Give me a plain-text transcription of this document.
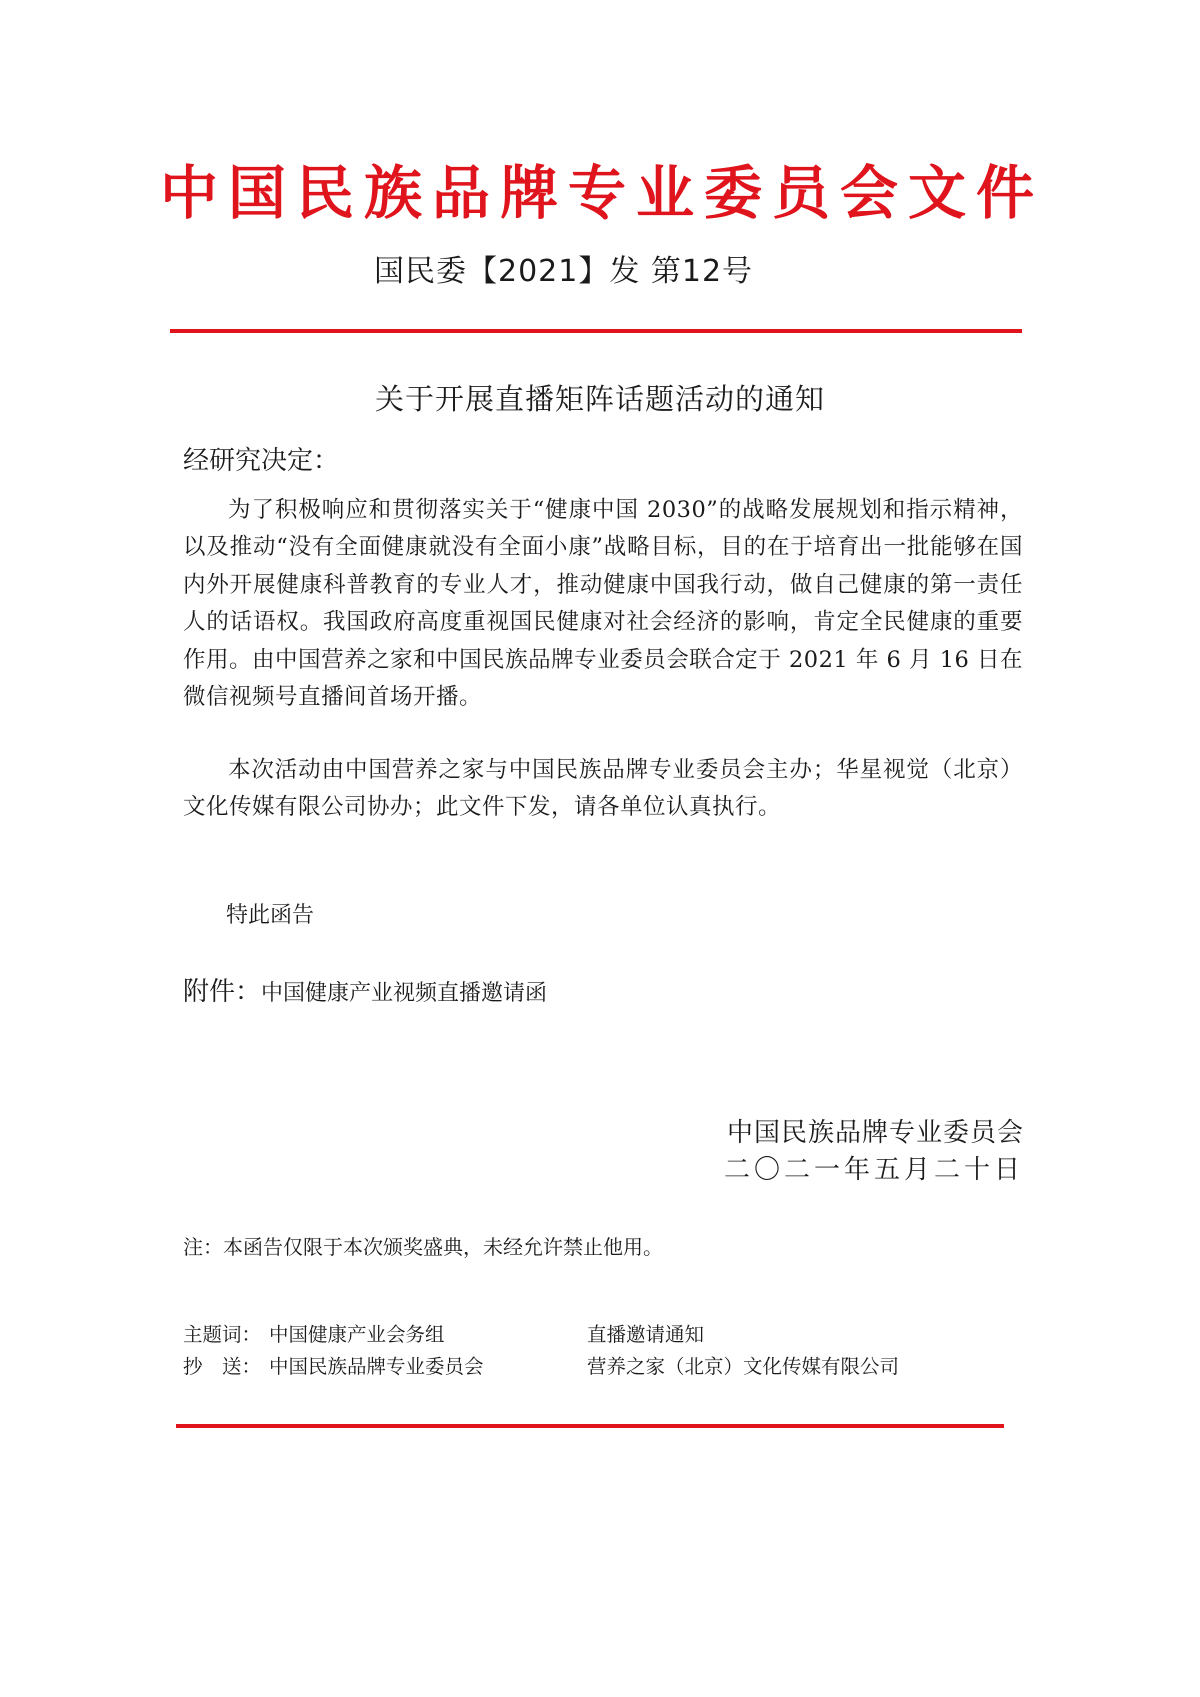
中国民族品牌专业委员会文件
国民委【2021】发 第12号
关于开展直播矩阵话题活动的通知
经研究决定：
为了积极响应和贯彻落实关于“健康中国 2030”的战略发展规划和指示精神，以及推动“没有全面健康就没有全面小康”战略目标，目的在于培育出一批能够在国内外开展健康科普教育的专业人才，推动健康中国我行动，做自己健康的第一责任人的话语权。我国政府高度重视国民健康对社会经济的影响，肯定全民健康的重要作用。由中国营养之家和中国民族品牌专业委员会联合定于 2021 年 6 月 16 日在微信视频号直播间首场开播。
本次活动由中国营养之家与中国民族品牌专业委员会主办；华星视觉（北京）文化传媒有限公司协办；此文件下发，请各单位认真执行。
特此函告
附件：中国健康产业视频直播邀请函
中国民族品牌专业委员会
二〇二一年五月二十日
注：本函告仅限于本次颁奖盛典，未经允许禁止他用。
主题词： 中国健康产业会务组	直播邀请通知
抄　送： 中国民族品牌专业委员会	营养之家（北京）文化传媒有限公司
